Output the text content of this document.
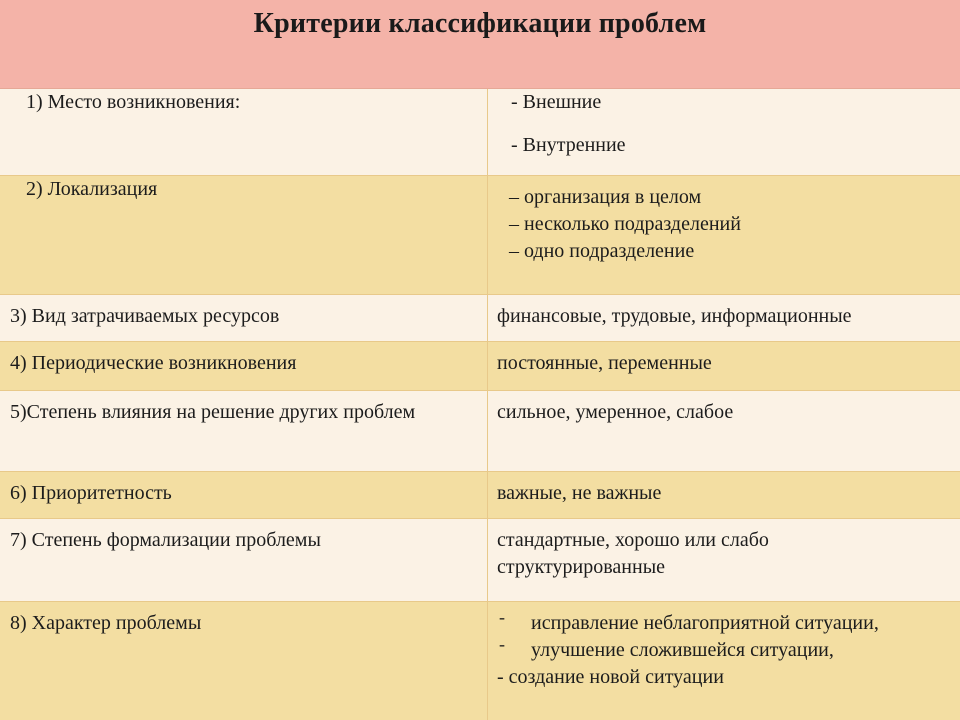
Критерии классификации проблем
1) Место возникновения:	- Внешние
- Внутренние
2) Локализация	– организация в целом
– несколько подразделений
– одно подразделение
3) Вид затрачиваемых ресурсов	финансовые, трудовые, информационные
4) Периодические возникновения	постоянные, переменные
5)Степень влияния на решение других проблем	сильное, умеренное, слабое
6) Приоритетность	важные, не важные
7) Степень формализации проблемы	стандартные, хорошо или слабо структурированные
8) Характер проблемы	- исправление неблагоприятной ситуации,
- улучшение сложившейся ситуации,
- создание новой ситуации
